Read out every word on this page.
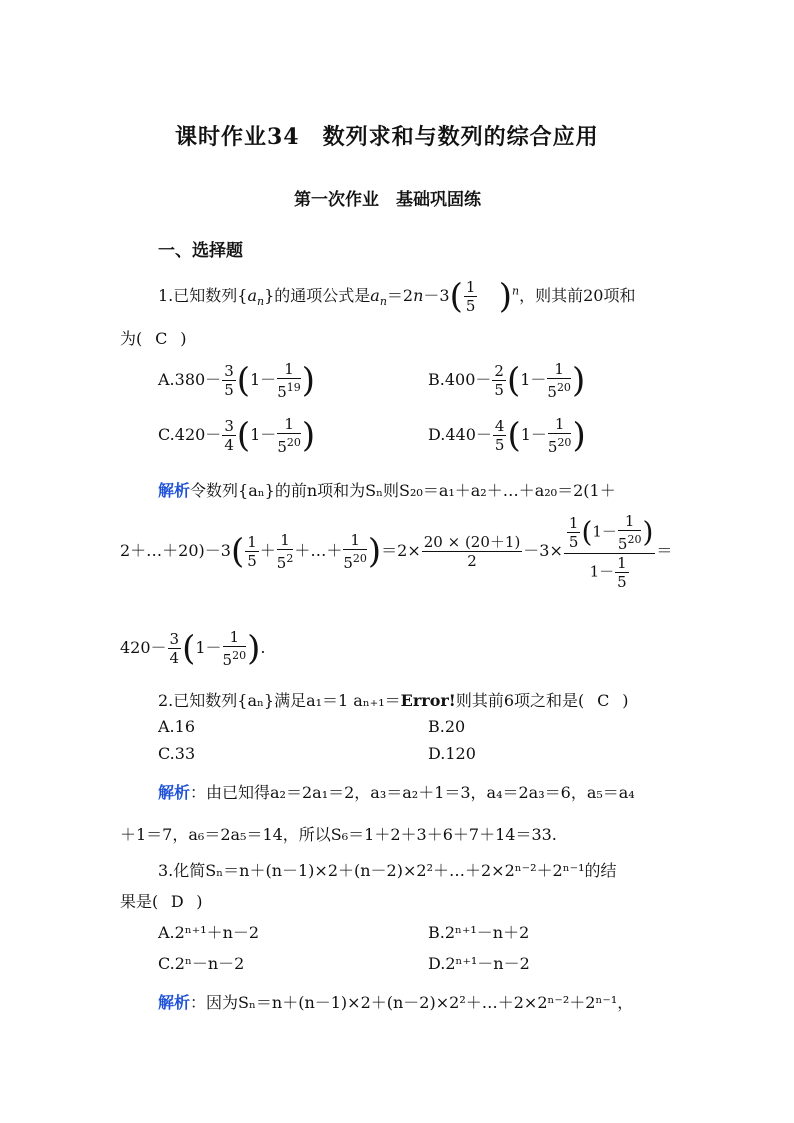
课时作业34　数列求和与数列的综合应用
第一次作业　基础巩固练
一、选择题
1.已知数列$\{a_n\}$的通项公式是$a_n=2n-3( \frac{1}{5} )^n$，则其前20项和
为( C )
$A.380- \frac{3}{5} (1- \frac{1}{5^{19}}$ )	$B.400- \frac{2}{5} (1- \frac{1}{5^{20}}$ )
$C.420- \frac{3}{4} (1- \frac{1}{5^{20}}$ )	$D.440- \frac{4}{5} (1- \frac{1}{5^{20}}$ )
解析令数列{aₙ}的前n项和为Sₙ则S₂₀＝a₁＋a₂＋…＋a₂₀＝2(1＋
2＋…＋20)－3( $\frac{1}{5} + \frac{1}{5^2}$ ＋…＋ $\frac{1}{5^{20}} )=2\times \frac{20 \times (20+1)}{2} -3\times \frac{\frac{1}{5} (1- \frac{1}{5^{20}} )}{1- \frac{1}{5}}$ ＝
$420- \frac{3}{4} (1- \frac{1}{5^{20}}$ ).
2.已知数列{aₙ}满足a₁＝1 aₙ₊₁＝Error!则其前6项之和是( C )
A.16	B.20
C.33	D.120
解析：由已知得a₂＝2a₁＝2，a₃＝a₂＋1＝3，a₄＝2a₃＝6，a₅＝a₄
＋1＝7，a₆＝2a₅＝14，所以S₆＝1＋2＋3＋6＋7＋14＝33.
3.化简Sₙ＝n＋(n－1)×2＋(n－2)×2²＋…＋2×2ⁿ⁻²＋2ⁿ⁻¹的结
果是( D )
A.2ⁿ⁺¹＋n－2	B.2ⁿ⁺¹－n＋2
C.2ⁿ－n－2	D.2ⁿ⁺¹－n－2
解析：因为Sₙ＝n＋(n－1)×2＋(n－2)×2²＋…＋2×2ⁿ⁻²＋2ⁿ⁻¹，
